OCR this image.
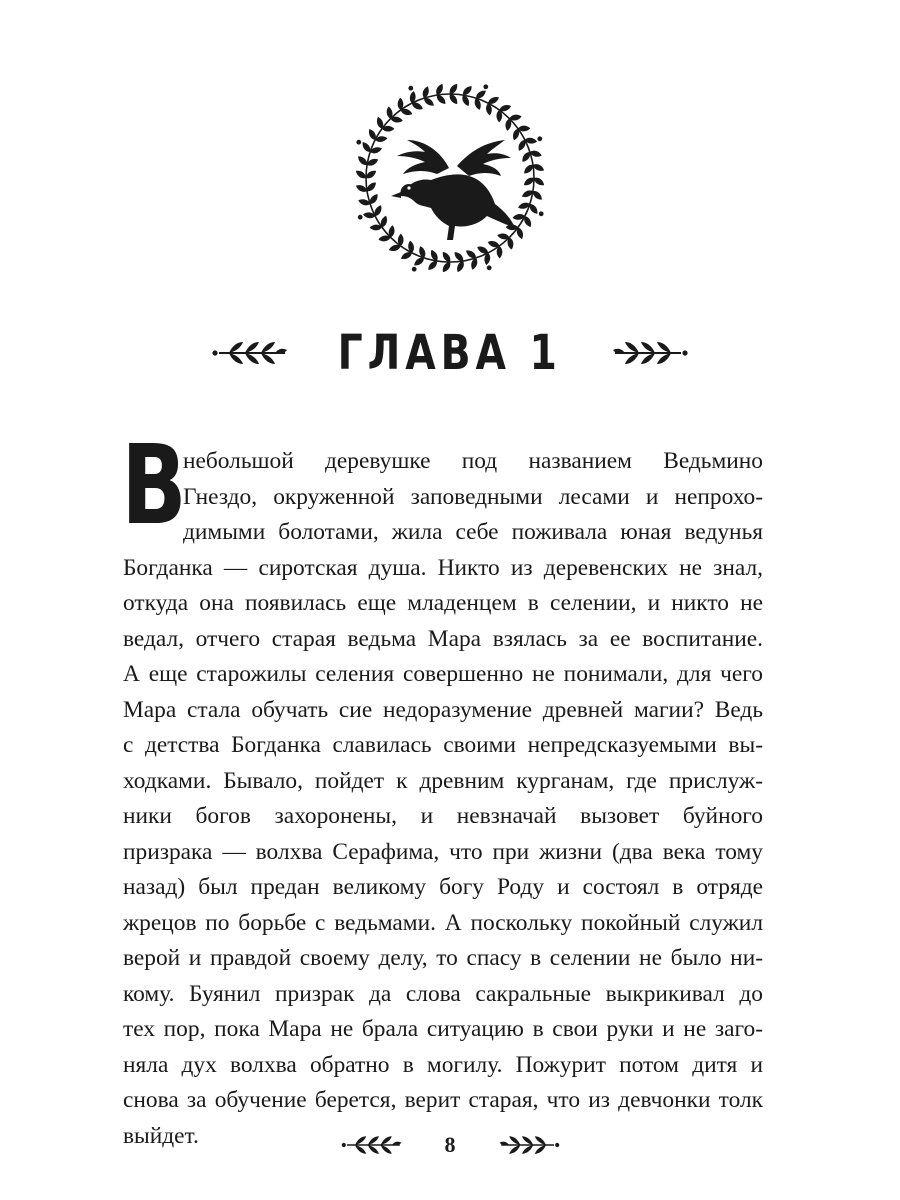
ГЛАВА 1
В
небольшой деревушке под названием Ведьмино
Гнездо, окруженной заповедными лесами и непрохо-
димыми болотами, жила себе поживала юная ведунья
Богданка — сиротская душа. Никто из деревенских не знал,
откуда она появилась еще младенцем в селении, и никто не
ведал, отчего старая ведьма Мара взялась за ее воспитание.
А еще старожилы селения совершенно не понимали, для чего
Мара стала обучать сие недоразумение древней магии? Ведь
с детства Богданка славилась своими непредсказуемыми вы-
ходками. Бывало, пойдет к древним курганам, где прислуж-
ники богов захоронены, и невзначай вызовет буйного
призрака — волхва Серафима, что при жизни (два века тому
назад) был предан великому богу Роду и состоял в отряде
жрецов по борьбе с ведьмами. А поскольку покойный служил
верой и правдой своему делу, то спасу в селении не было ни-
кому. Буянил призрак да слова сакральные выкрикивал до
тех пор, пока Мара не брала ситуацию в свои руки и не заго-
няла дух волхва обратно в могилу. Пожурит потом дитя и
снова за обучение берется, верит старая, что из девчонки толк
выйдет.	8
